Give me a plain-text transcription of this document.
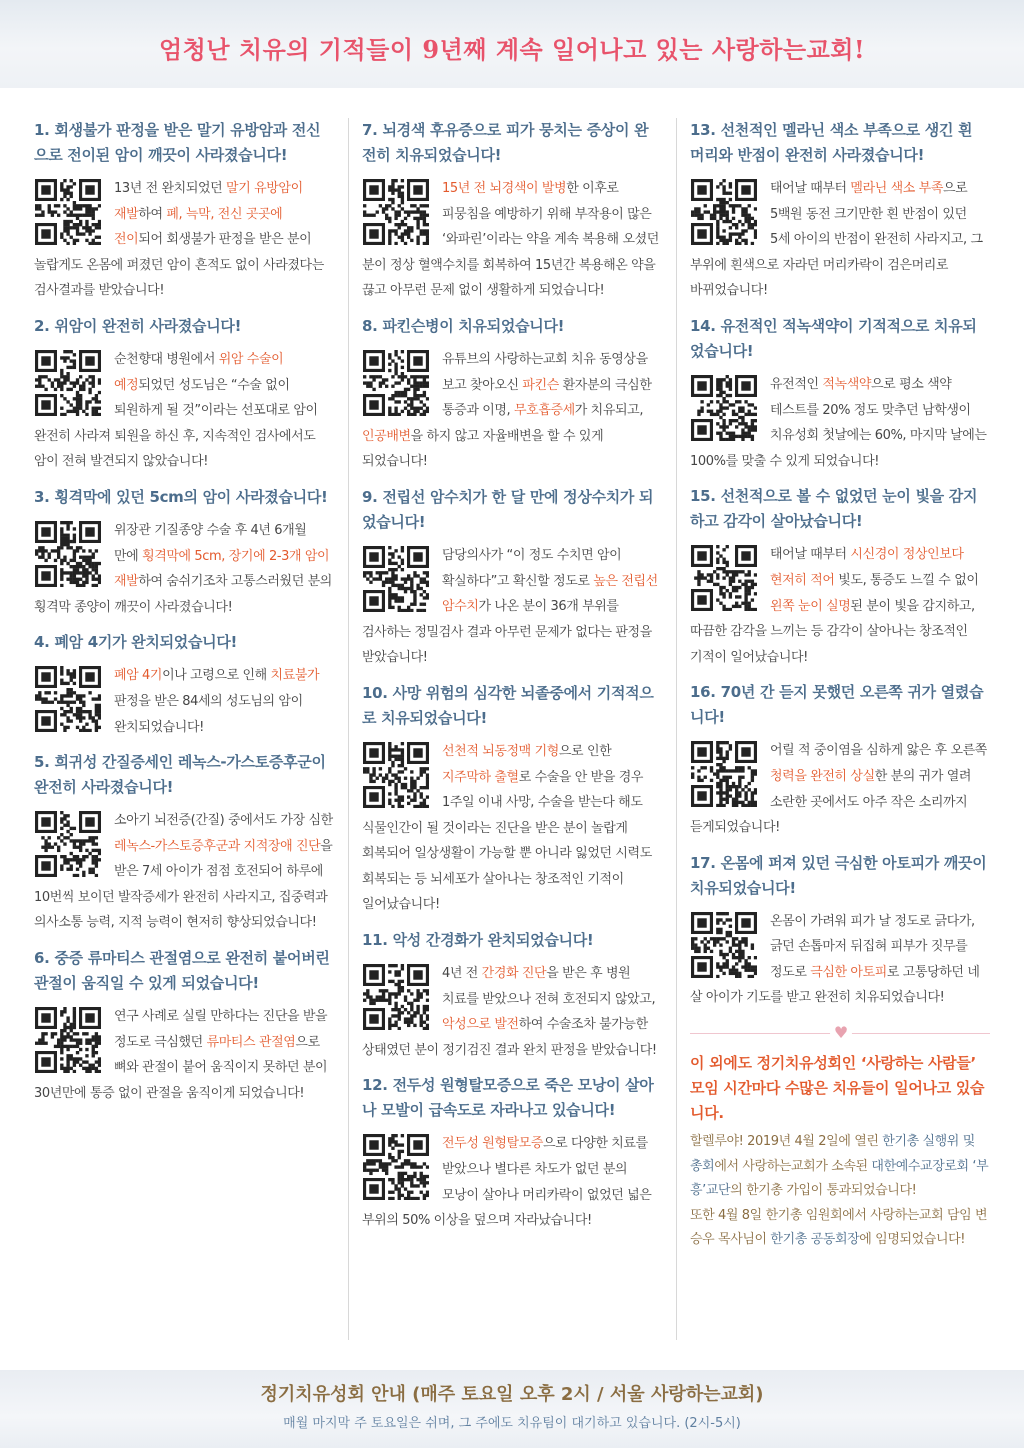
엄청난 치유의 기적들이 9년째 계속 일어나고 있는 사랑하는교회!

1. 회생불가 판정을 받은 말기 유방암과 전신으로 전이된 암이 깨끗이 사라졌습니다!

13년 전 완치되었던 말기 유방암이 재발하여 폐, 늑막, 전신 곳곳에 전이되어 회생불가 판정을 받은 분이 놀랍게도 온몸에 퍼졌던 암이 흔적도 없이 사라졌다는 검사결과를 받았습니다!

2. 위암이 완전히 사라졌습니다!

순천향대 병원에서 위암 수술이 예정되었던 성도님은 “수술 없이 퇴원하게 될 것”이라는 선포대로 암이 완전히 사라져 퇴원을 하신 후, 지속적인 검사에서도 암이 전혀 발견되지 않았습니다!

3. 횡격막에 있던 5cm의 암이 사라졌습니다!

위장관 기질종양 수술 후 4년 6개월 만에 횡격막에 5cm, 장기에 2-3개 암이 재발하여 숨쉬기조차 고통스러웠던 분의 횡격막 종양이 깨끗이 사라졌습니다!

4. 폐암 4기가 완치되었습니다!

폐암 4기이나 고령으로 인해 치료불가 판정을 받은 84세의 성도님의 암이 완치되었습니다!

5. 희귀성 간질증세인 레녹스-가스토증후군이 완전히 사라졌습니다!

소아기 뇌전증(간질) 중에서도 가장 심한 레녹스-가스토증후군과 지적장애 진단을 받은 7세 아이가 점점 호전되어 하루에 10번씩 보이던 발작증세가 완전히 사라지고, 집중력과 의사소통 능력, 지적 능력이 현저히 향상되었습니다!

6. 중증 류마티스 관절염으로 완전히 붙어버린 관절이 움직일 수 있게 되었습니다!

연구 사례로 실릴 만하다는 진단을 받을 정도로 극심했던 류마티스 관절염으로 뼈와 관절이 붙어 움직이지 못하던 분이 30년만에 통증 없이 관절을 움직이게 되었습니다!

7. 뇌경색 후유증으로 피가 뭉치는 증상이 완전히 치유되었습니다!

15년 전 뇌경색이 발병한 이후로 피뭉침을 예방하기 위해 부작용이 많은 ‘와파린’이라는 약을 계속 복용해 오셨던 분이 정상 혈액수치를 회복하여 15년간 복용해온 약을 끊고 아무런 문제 없이 생활하게 되었습니다!

8. 파킨슨병이 치유되었습니다!

유튜브의 사랑하는교회 치유 동영상을 보고 찾아오신 파킨슨 환자분의 극심한 통증과 이명, 무호흡증세가 치유되고, 인공배변을 하지 않고 자율배변을 할 수 있게 되었습니다!

9. 전립선 암수치가 한 달 만에 정상수치가 되었습니다!

담당의사가 “이 정도 수치면 암이 확실하다”고 확신할 정도로 높은 전립선 암수치가 나온 분이 36개 부위를 검사하는 정밀검사 결과 아무런 문제가 없다는 판정을 받았습니다!

10. 사망 위험의 심각한 뇌졸중에서 기적적으로 치유되었습니다!

선천적 뇌동정맥 기형으로 인한 지주막하 출혈로 수술을 안 받을 경우 1주일 이내 사망, 수술을 받는다 해도 식물인간이 될 것이라는 진단을 받은 분이 놀랍게 회복되어 일상생활이 가능할 뿐 아니라 잃었던 시력도 회복되는 등 뇌세포가 살아나는 창조적인 기적이 일어났습니다!

11. 악성 간경화가 완치되었습니다!

4년 전 간경화 진단을 받은 후 병원 치료를 받았으나 전혀 호전되지 않았고, 악성으로 발전하여 수술조차 불가능한 상태였던 분이 정기검진 결과 완치 판정을 받았습니다!

12. 전두성 원형탈모증으로 죽은 모낭이 살아나 모발이 급속도로 자라나고 있습니다!

전두성 원형탈모증으로 다양한 치료를 받았으나 별다른 차도가 없던 분의 모낭이 살아나 머리카락이 없었던 넓은 부위의 50% 이상을 덮으며 자라났습니다!

13. 선천적인 멜라닌 색소 부족으로 생긴 흰 머리와 반점이 완전히 사라졌습니다!

태어날 때부터 멜라닌 색소 부족으로 5백원 동전 크기만한 흰 반점이 있던 5세 아이의 반점이 완전히 사라지고, 그 부위에 흰색으로 자라던 머리카락이 검은머리로 바뀌었습니다!

14. 유전적인 적녹색약이 기적적으로 치유되었습니다!

유전적인 적녹색약으로 평소 색약 테스트를 20% 정도 맞추던 남학생이 치유성회 첫날에는 60%, 마지막 날에는 100%를 맞출 수 있게 되었습니다!

15. 선천적으로 볼 수 없었던 눈이 빛을 감지하고 감각이 살아났습니다!

태어날 때부터 시신경이 정상인보다 현저히 적어 빛도, 통증도 느낄 수 없이 왼쪽 눈이 실명된 분이 빛을 감지하고, 따끔한 감각을 느끼는 등 감각이 살아나는 창조적인 기적이 일어났습니다!

16. 70년 간 듣지 못했던 오른쪽 귀가 열렸습니다!

어릴 적 중이염을 심하게 앓은 후 오른쪽 청력을 완전히 상실한 분의 귀가 열려 소란한 곳에서도 아주 작은 소리까지 듣게되었습니다!

17. 온몸에 퍼져 있던 극심한 아토피가 깨끗이 치유되었습니다!

온몸이 가려워 피가 날 정도로 긁다가, 긁던 손톱마저 뒤집혀 피부가 짓무를 정도로 극심한 아토피로 고통당하던 네 살 아이가 기도를 받고 완전히 치유되었습니다!

♥

이 외에도 정기치유성회인 ‘사랑하는 사람들’ 모임 시간마다 수많은 치유들이 일어나고 있습니다.

할렐루야! 2019년 4월 2일에 열린 한기총 실행위 및 총회에서 사랑하는교회가 소속된 대한예수교장로회 ‘부흥’교단의 한기총 가입이 통과되었습니다!

또한 4월 8일 한기총 임원회에서 사랑하는교회 담임 변승우 목사님이 한기총 공동회장에 임명되었습니다!

정기치유성회 안내 (매주 토요일 오후 2시 / 서울 사랑하는교회)
매월 마지막 주 토요일은 쉬며, 그 주에도 치유팀이 대기하고 있습니다. (2시-5시)
